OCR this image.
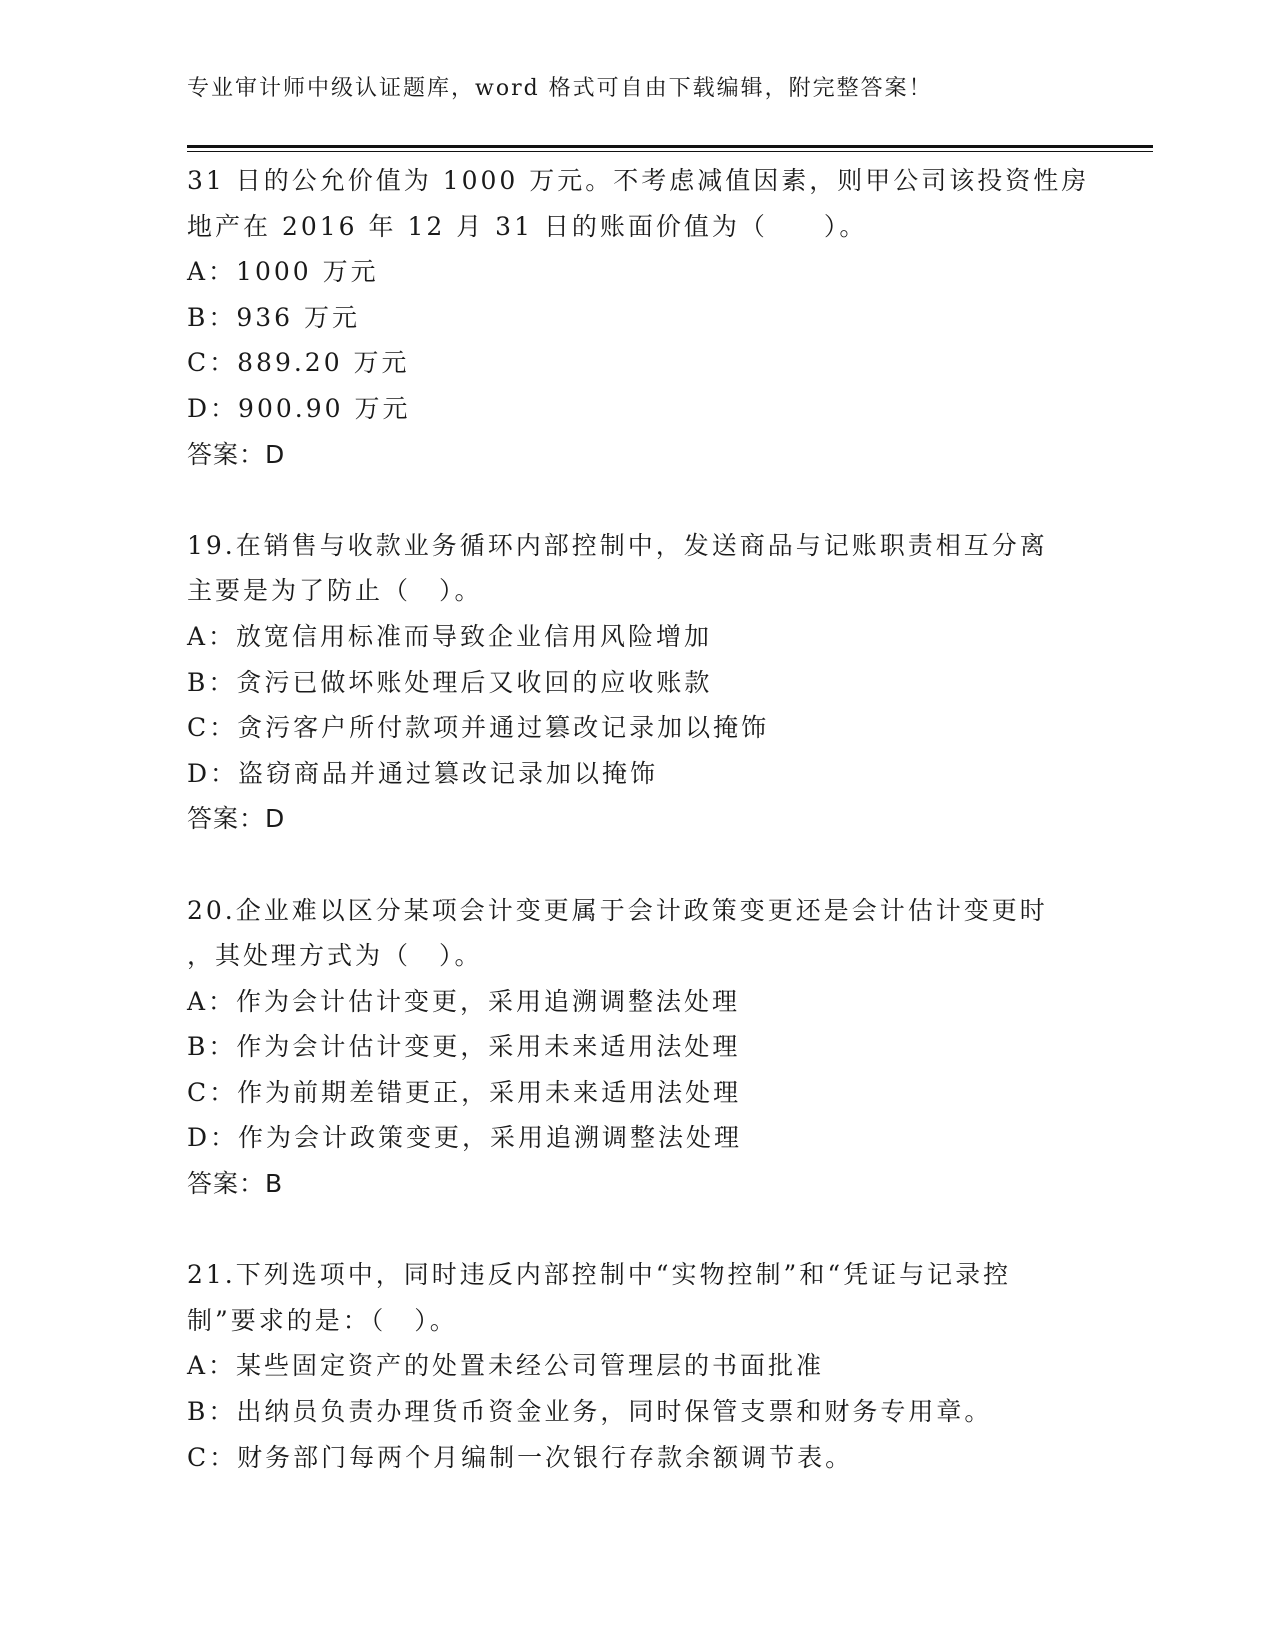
专业审计师中级认证题库，word 格式可自由下载编辑，附完整答案！
31 日的公允价值为 1000 万元。不考虑减值因素，则甲公司该投资性房
地产在 2016 年 12 月 31 日的账面价值为（　　）。
A：1000 万元
B：936 万元
C：889.20 万元
D：900.90 万元
答案：D
19.在销售与收款业务循环内部控制中，发送商品与记账职责相互分离
主要是为了防止（　）。
A：放宽信用标准而导致企业信用风险增加
B：贪污已做坏账处理后又收回的应收账款
C：贪污客户所付款项并通过篡改记录加以掩饰
D：盗窃商品并通过篡改记录加以掩饰
答案：D
20.企业难以区分某项会计变更属于会计政策变更还是会计估计变更时
，其处理方式为（　）。
A：作为会计估计变更，采用追溯调整法处理
B：作为会计估计变更，采用未来适用法处理
C：作为前期差错更正，采用未来适用法处理
D：作为会计政策变更，采用追溯调整法处理
答案：B
21.下列选项中，同时违反内部控制中“实物控制”和“凭证与记录控
制”要求的是：（　）。
A：某些固定资产的处置未经公司管理层的书面批准
B：出纳员负责办理货币资金业务，同时保管支票和财务专用章。
C：财务部门每两个月编制一次银行存款余额调节表。
